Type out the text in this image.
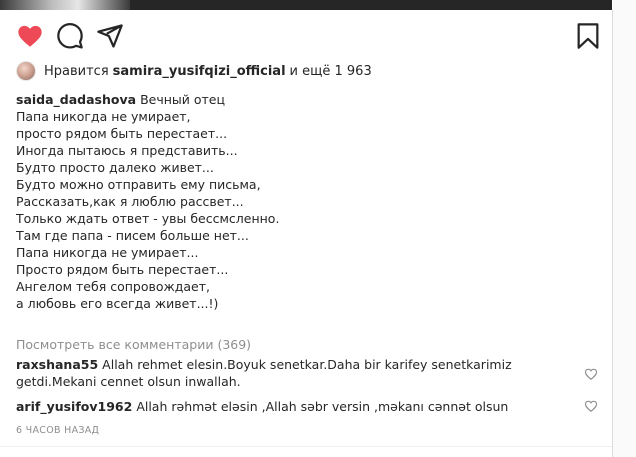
Нравится samira_yusifqizi_official и ещё 1 963
saida_dadashova Вечный отец
Папа никогда не умирает,
просто рядом быть перестает...
Иногда пытаюсь я представить...
Будто просто далеко живет...
Будто можно отправить ему письма,
Рассказать,как я люблю рассвет...
Только ждать ответ - увы бессмсленно.
Там где папа - писем больше нет...
Папа никогда не умирает...
Просто рядом быть перестает...
Ангелом тебя сопровождает,
а любовь его всегда живет...!)
Посмотреть все комментарии (369)
raxshana55 Allah rehmet elesin.Boyuk senetkar.Daha bir karifey senetkarimiz getdi.Mekani cennet olsun inwallah.
arif_yusifov1962 Allah rəhmət eləsin ,Allah səbr versin ,məkanı cənnət olsun
6 ЧАСОВ НАЗАД
